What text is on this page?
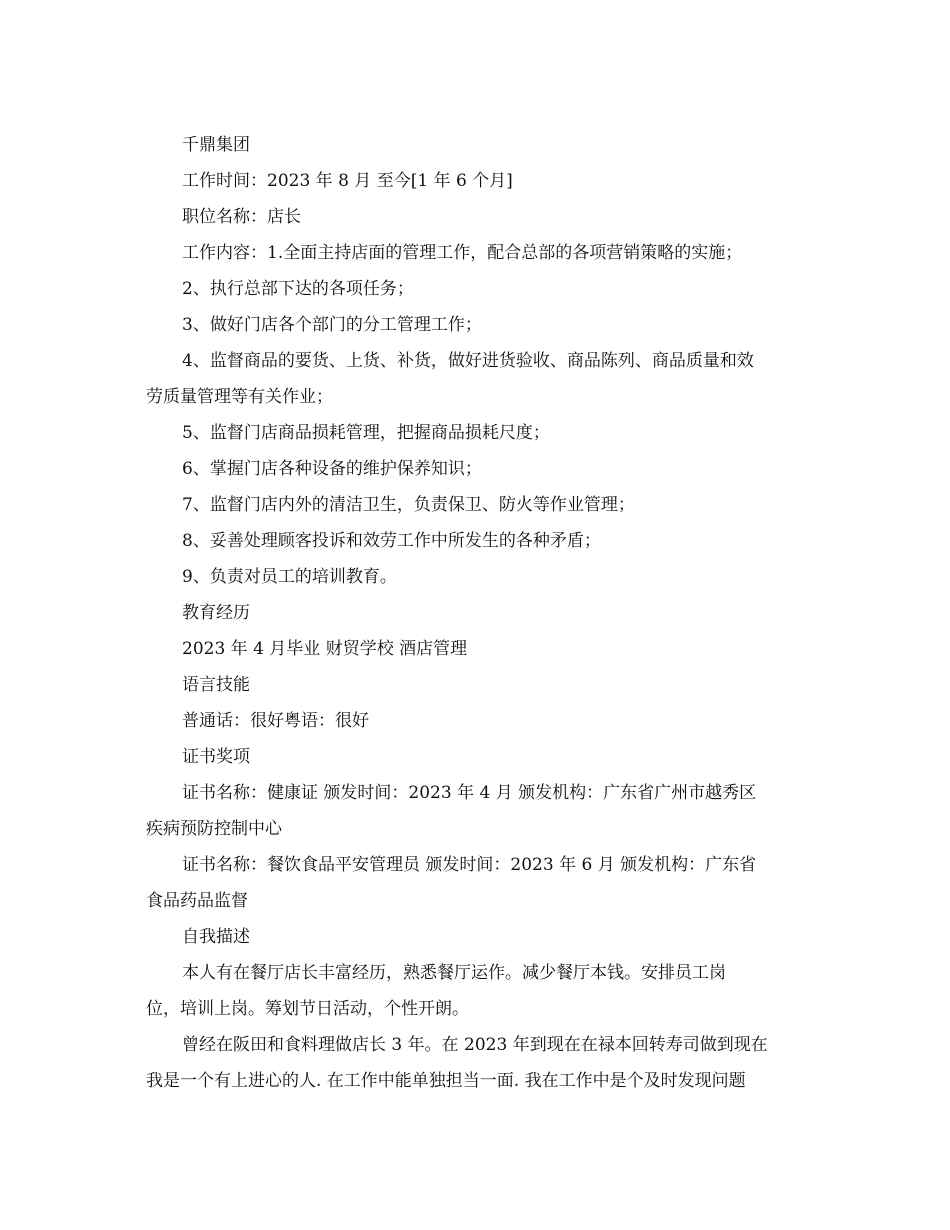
千鼎集团

工作时间：2023 年 8 月 至今[1 年 6 个月]

职位名称：店长

工作内容：1.全面主持店面的管理工作，配合总部的各项营销策略的实施；

2、执行总部下达的各项任务；

3、做好门店各个部门的分工管理工作；

4、监督商品的要货、上货、补货，做好进货验收、商品陈列、商品质量和效

劳质量管理等有关作业；

5、监督门店商品损耗管理，把握商品损耗尺度；

6、掌握门店各种设备的维护保养知识；

7、监督门店内外的清洁卫生，负责保卫、防火等作业管理；

8、妥善处理顾客投诉和效劳工作中所发生的各种矛盾；

9、负责对员工的培训教育。

教育经历

2023 年 4 月毕业 财贸学校 酒店管理

语言技能

普通话：很好粤语：很好

证书奖项

证书名称：健康证 颁发时间：2023 年 4 月 颁发机构：广东省广州市越秀区

疾病预防控制中心

证书名称：餐饮食品平安管理员 颁发时间：2023 年 6 月 颁发机构：广东省

食品药品监督

自我描述

本人有在餐厅店长丰富经历，熟悉餐厅运作。减少餐厅本钱。安排员工岗

位，培训上岗。筹划节日活动，个性开朗。

曾经在阪田和食料理做店长 3 年。在 2023 年到现在在禄本回转寿司做到现在

我是一个有上进心的人. 在工作中能单独担当一面. 我在工作中是个及时发现问题
